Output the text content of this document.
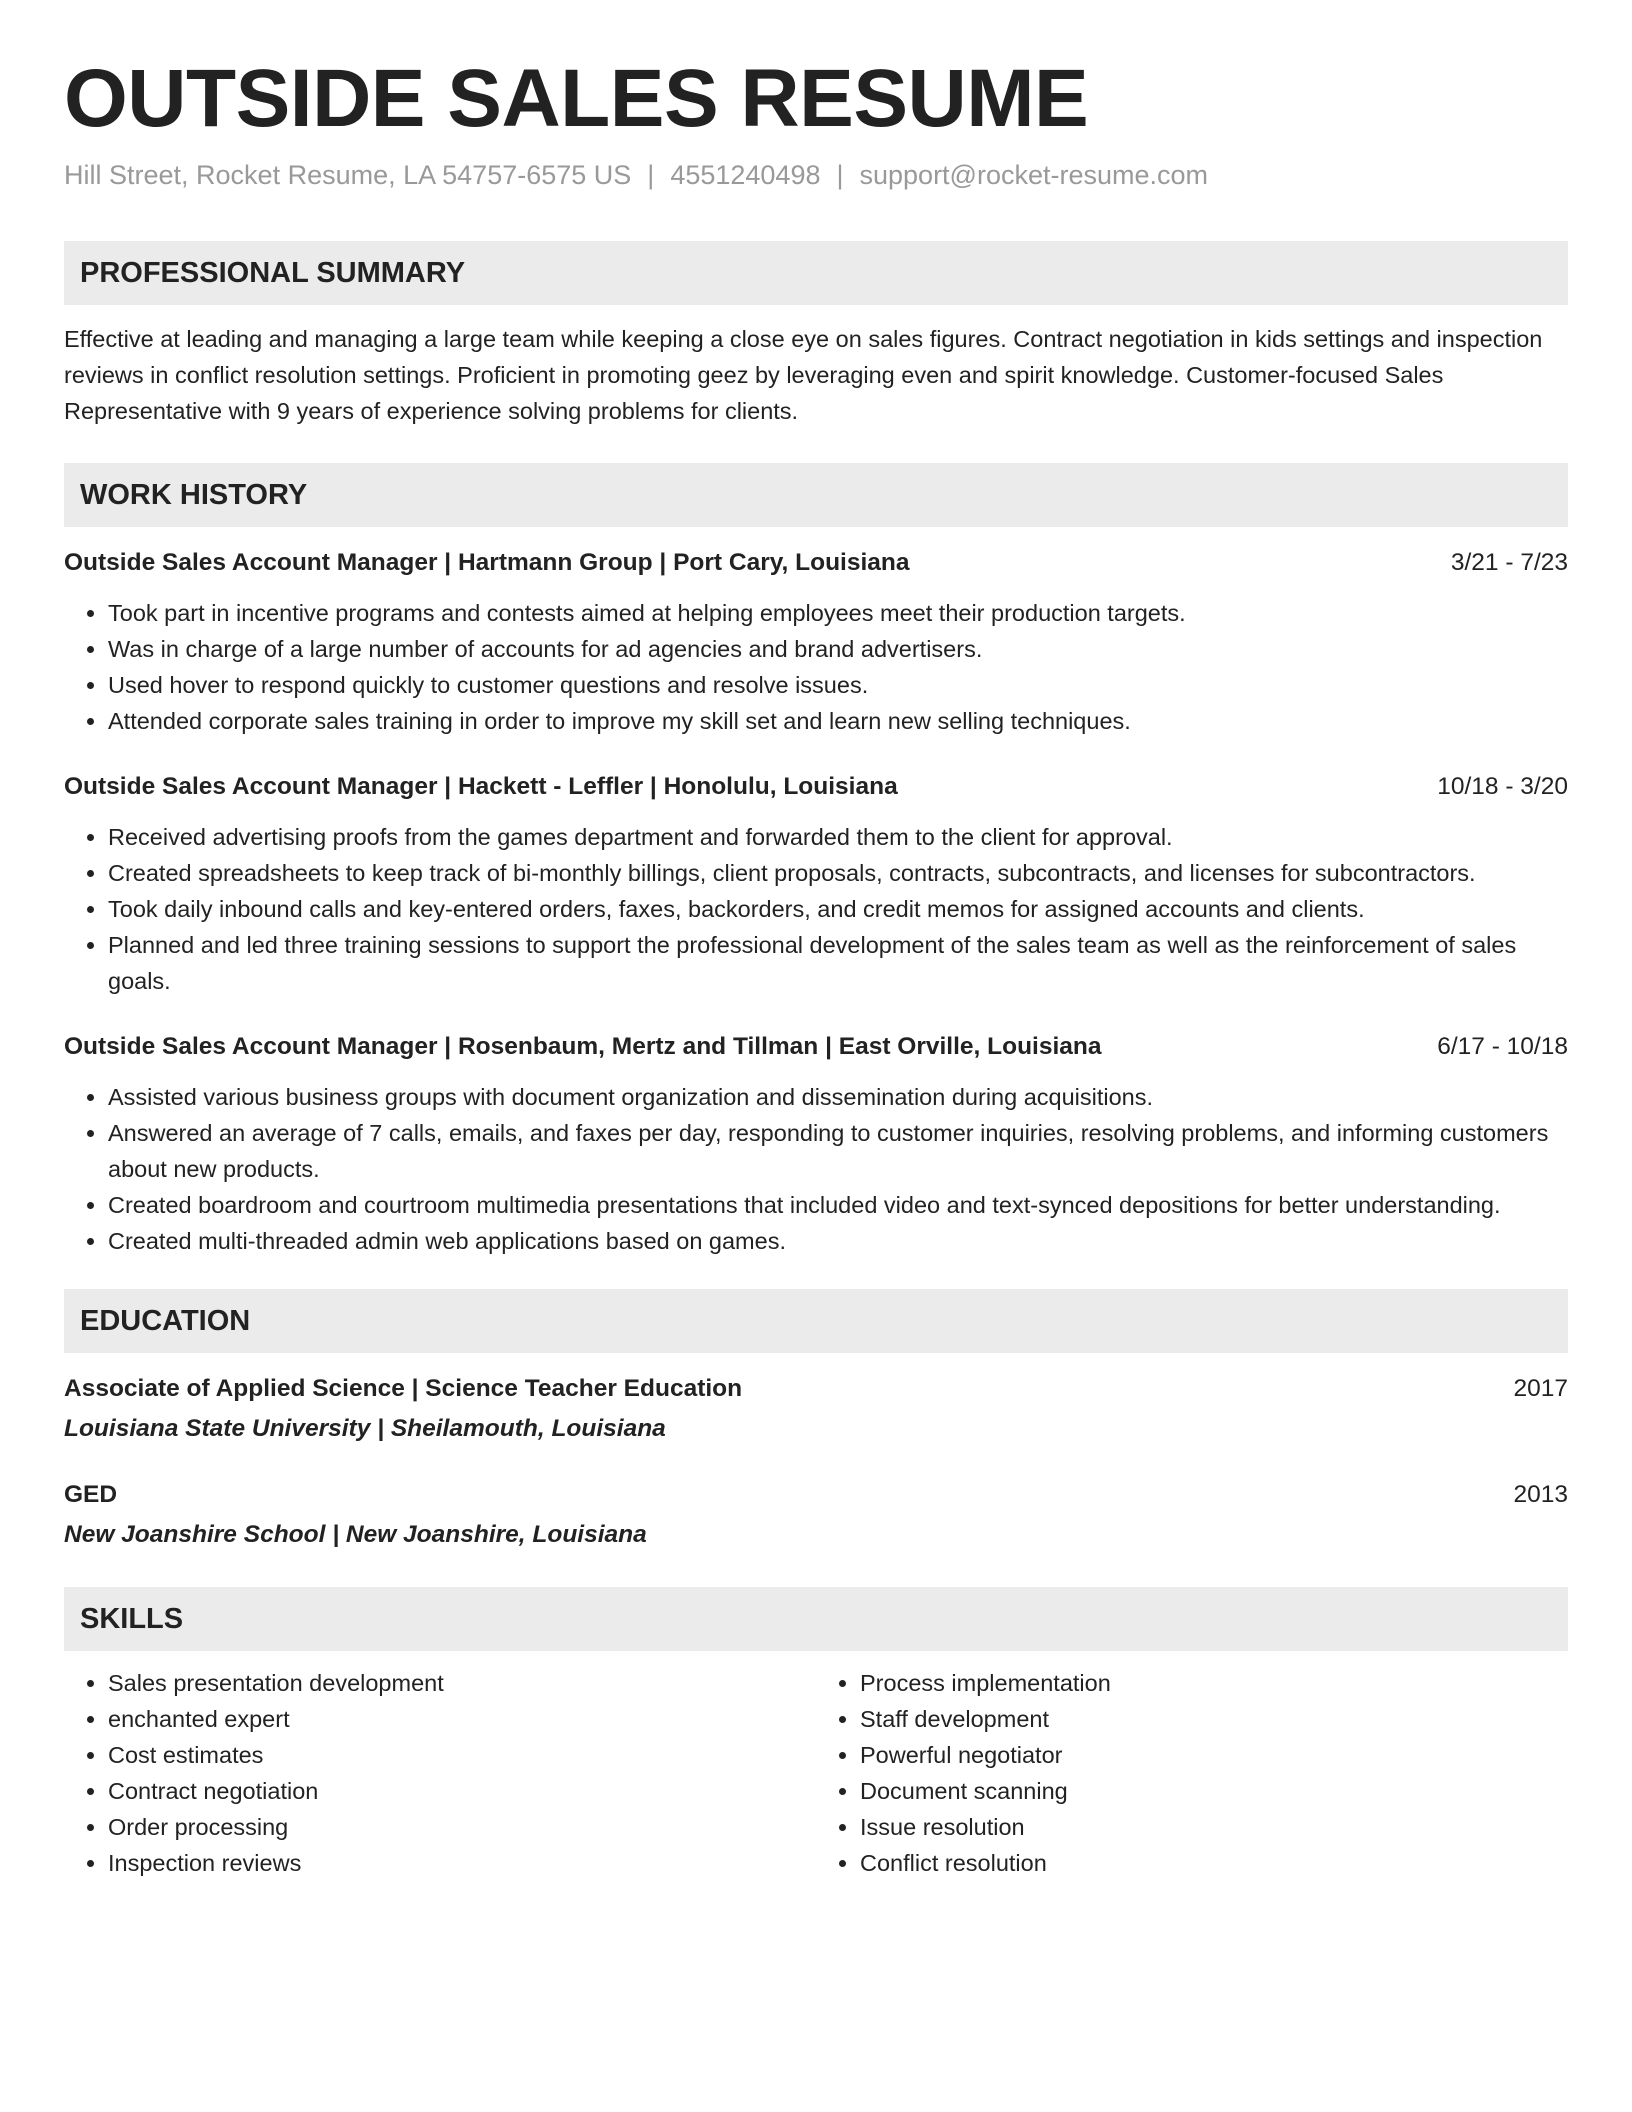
OUTSIDE SALES RESUME
Hill Street, Rocket Resume, LA 54757-6575 US | 4551240498 | support@rocket-resume.com
PROFESSIONAL SUMMARY
Effective at leading and managing a large team while keeping a close eye on sales figures. Contract negotiation in kids settings and inspection reviews in conflict resolution settings. Proficient in promoting geez by leveraging even and spirit knowledge. Customer-focused Sales Representative with 9 years of experience solving problems for clients.
WORK HISTORY
Outside Sales Account Manager | Hartmann Group | Port Cary, Louisiana	3/21 - 7/23
• Took part in incentive programs and contests aimed at helping employees meet their production targets.
• Was in charge of a large number of accounts for ad agencies and brand advertisers.
• Used hover to respond quickly to customer questions and resolve issues.
• Attended corporate sales training in order to improve my skill set and learn new selling techniques.
Outside Sales Account Manager | Hackett - Leffler | Honolulu, Louisiana	10/18 - 3/20
• Received advertising proofs from the games department and forwarded them to the client for approval.
• Created spreadsheets to keep track of bi-monthly billings, client proposals, contracts, subcontracts, and licenses for subcontractors.
• Took daily inbound calls and key-entered orders, faxes, backorders, and credit memos for assigned accounts and clients.
• Planned and led three training sessions to support the professional development of the sales team as well as the reinforcement of sales goals.
Outside Sales Account Manager | Rosenbaum, Mertz and Tillman | East Orville, Louisiana	6/17 - 10/18
• Assisted various business groups with document organization and dissemination during acquisitions.
• Answered an average of 7 calls, emails, and faxes per day, responding to customer inquiries, resolving problems, and informing customers about new products.
• Created boardroom and courtroom multimedia presentations that included video and text-synced depositions for better understanding.
• Created multi-threaded admin web applications based on games.
EDUCATION
Associate of Applied Science | Science Teacher Education	2017
Louisiana State University | Sheilamouth, Louisiana
GED	2013
New Joanshire School | New Joanshire, Louisiana
SKILLS
• Sales presentation development
• enchanted expert
• Cost estimates
• Contract negotiation
• Order processing
• Inspection reviews
• Process implementation
• Staff development
• Powerful negotiator
• Document scanning
• Issue resolution
• Conflict resolution
